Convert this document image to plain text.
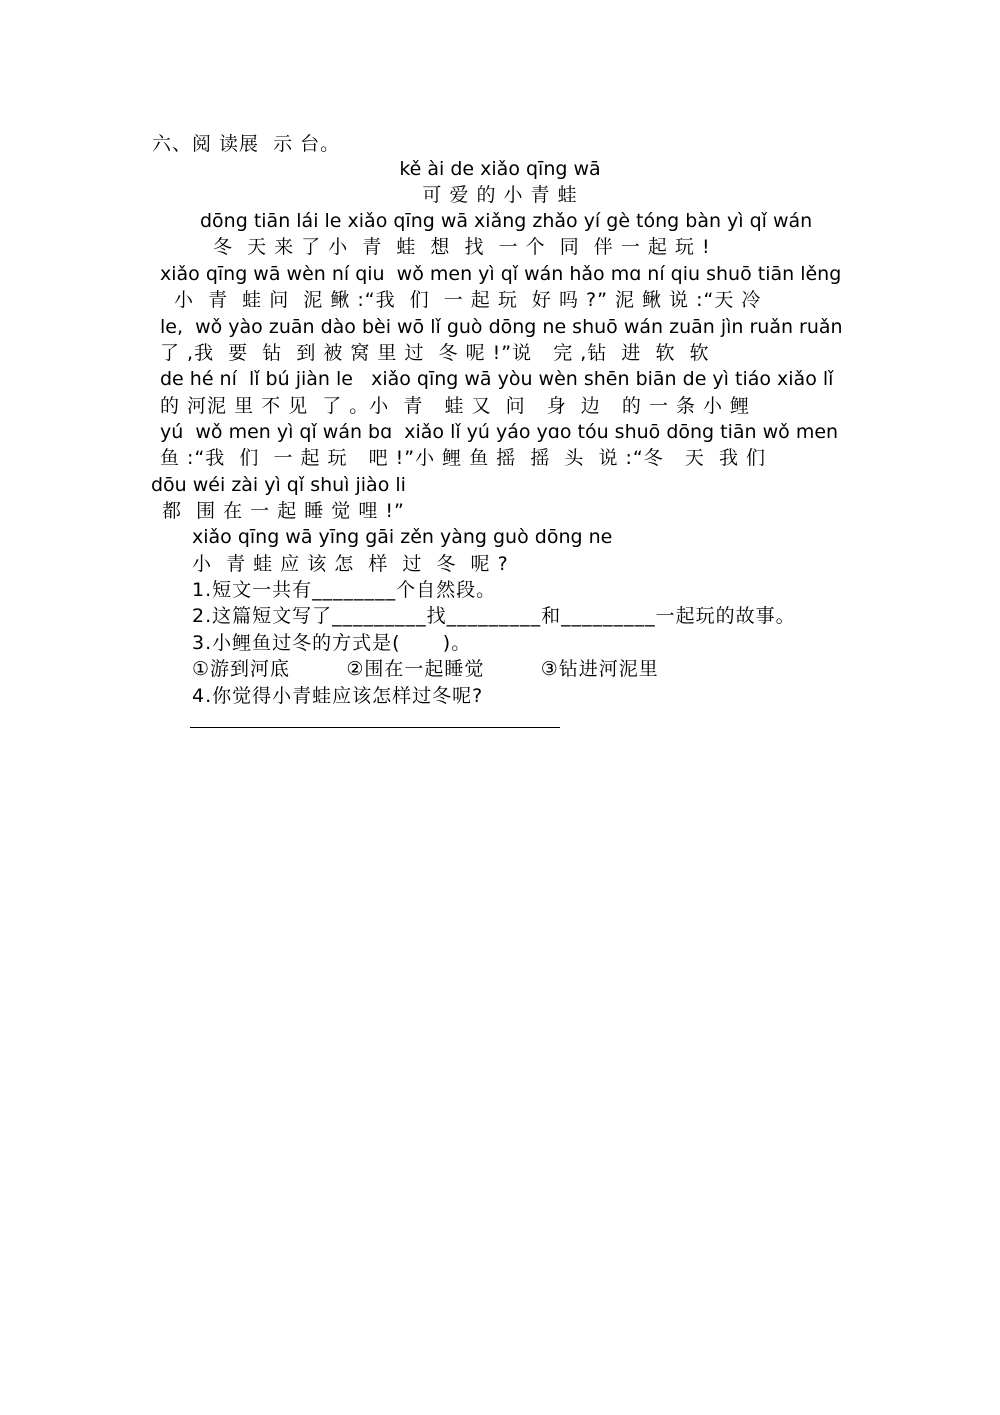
六、阅 读展  示 台。
kě ài de xiǎo qīng wā
可 爱 的 小 青 蛙
dōng tiān lái le xiǎo qīng wā xiǎng zhǎo yí gè tóng bàn yì qǐ wán
冬  天 来 了 小  青  蛙  想  找  一 个  同  伴 一 起 玩 !
xiǎo qīng wā wèn ní qiu  wǒ men yì qǐ wán hǎo mɑ ní qiu shuō tiān lěng
小  青  蛙 问  泥 鳅 :“我  们  一 起 玩  好 吗 ?” 泥 鳅 说 :“天 冷
le,  wǒ yào zuān dào bèi wō lǐ guò dōng ne shuō wán zuān jìn ruǎn ruǎn
了 ,我  要  钻  到 被 窝 里 过  冬 呢 !”说   完 ,钻  进  软  软
de hé ní  lǐ bú jiàn le   xiǎo qīng wā yòu wèn shēn biān de yì tiáo xiǎo lǐ
的 河泥 里 不 见  了 。小  青   蛙 又  问   身  边   的 一 条 小 鲤
yú  wǒ men yì qǐ wán bɑ  xiǎo lǐ yú yáo yɑo tóu shuō dōng tiān wǒ men
鱼 :“我  们  一 起 玩   吧 !”小 鲤 鱼 摇  摇  头  说 :“冬   天  我 们
dōu wéi zài yì qǐ shuì jiào li
都  围 在 一 起 睡 觉 哩 !”
xiǎo qīng wā yīng gāi zěn yàng guò dōng ne
小  青 蛙 应 该 怎  样  过  冬  呢 ?
1.短文一共有________个自然段。
2.这篇短文写了_________找_________和_________一起玩的故事。
3.小鲤鱼过冬的方式是(      )。
①游到河底        ②围在一起睡觉        ③钻进河泥里
4.你觉得小青蛙应该怎样过冬呢?
